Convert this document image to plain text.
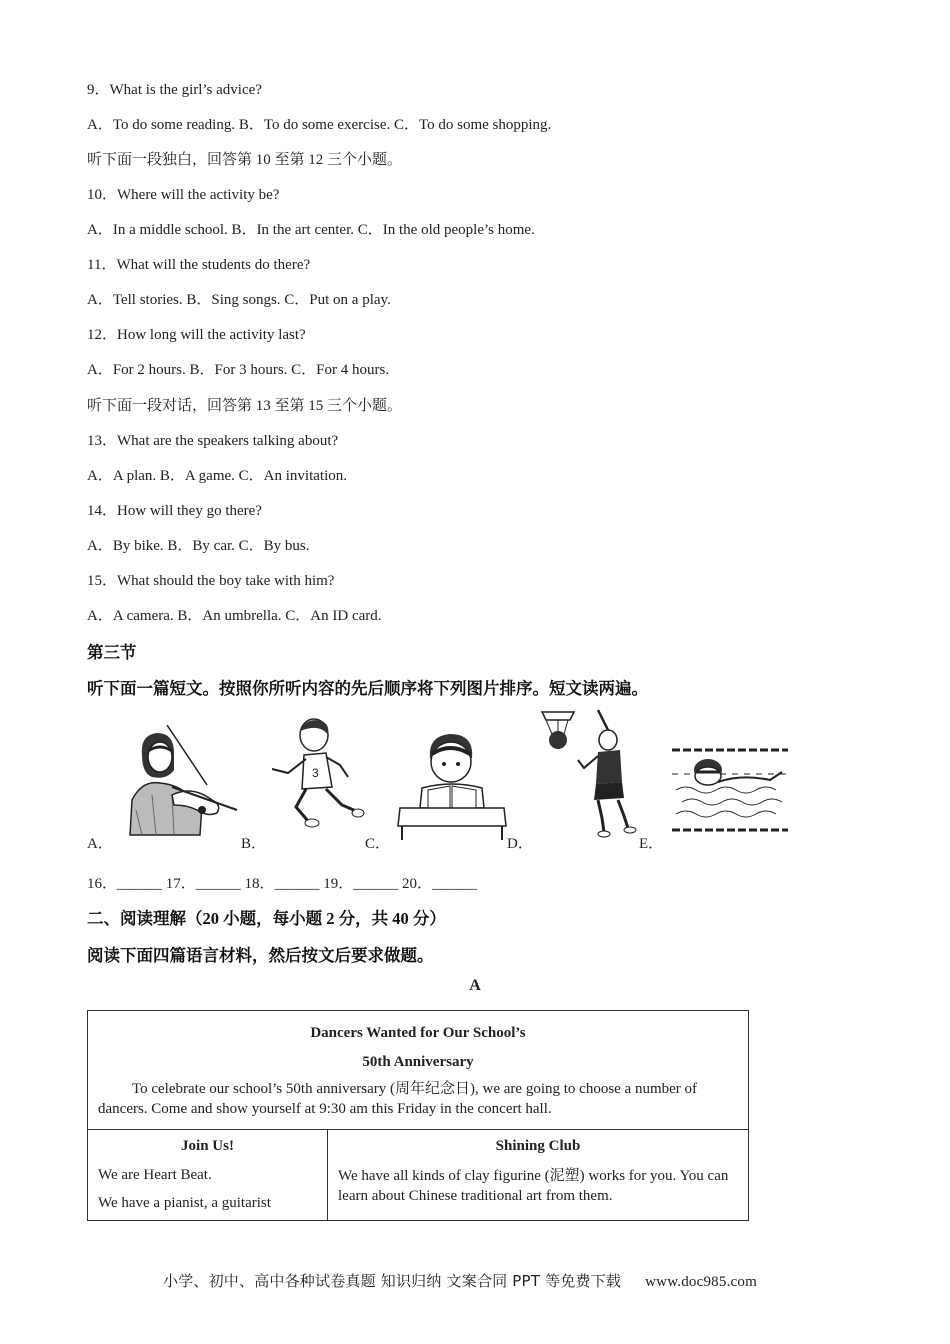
9．What is the girl’s advice?
A．To do some reading. B．To do some exercise. C．To do some shopping.
听下面一段独白，回答第 10 至第 12 三个小题。
10．Where will the activity be?
A．In a middle school. B．In the art center. C．In the old people’s home.
11．What will the students do there?
A．Tell stories. B．Sing songs. C．Put on a play.
12．How long will the activity last?
A．For 2 hours. B．For 3 hours. C．For 4 hours.
听下面一段对话，回答第 13 至第 15 三个小题。
13．What are the speakers talking about?
A．A plan. B．A game. C．An invitation.
14．How will they go there?
A．By bike. B．By car. C．By bus.
15．What should the boy take with him?
A．A camera. B．An umbrella. C．An ID card.
第三节
听下面一篇短文。按照你所听内容的先后顺序将下列图片排序。短文读两遍。
3
A．	B．	C．	D．	E．
16．______ 17．______ 18．______ 19．______ 20．______
二、阅读理解（20 小题，每小题 2 分，共 40 分）
阅读下面四篇语言材料，然后按文后要求做题。
A
Dancers Wanted for Our School’s
50th Anniversary
To celebrate our school’s 50th anniversary (周年纪念日), we are going to choose a number of dancers. Come and show yourself at 9:30 am this Friday in the concert hall.

Join Us!
We are Heart Beat.
We have a pianist, a guitarist

Shining Club
We have all kinds of clay figurine (泥塑) works for you. You can learn about Chinese traditional art from them.
小学、初中、高中各种试卷真题 知识归纳 文案合同 PPT 等免费下载 www.doc985.com
